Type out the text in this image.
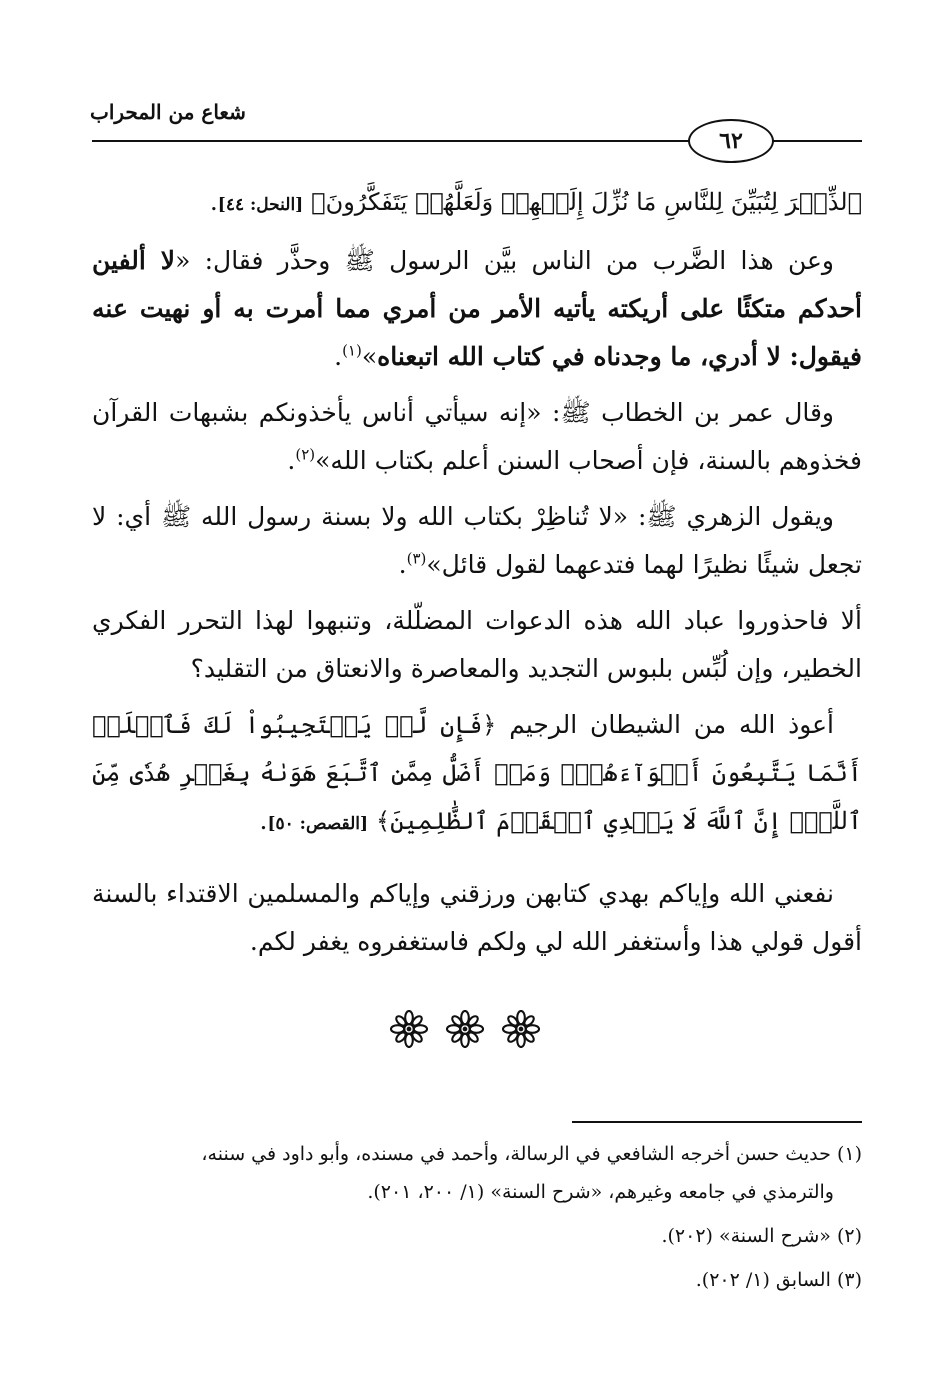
شعاع من المحراب
٦٢

ٱلذِّكۡرَ لِتُبَيِّنَ لِلنَّاسِ مَا نُزِّلَ إِلَيۡهِمۡ وَلَعَلَّهُمۡ يَتَفَكَّرُونَ﴾ [النحل: ٤٤].

وعن هذا الضَّرب من الناس بيَّن الرسول ﷺ وحذَّر فقال: «لا ألفين أحدكم متكئًا على أريكته يأتيه الأمر من أمري مما أمرت به أو نهيت عنه فيقول: لا أدري، ما وجدناه في كتاب الله اتبعناه»$^{(١)}$.

وقال عمر بن الخطاب ﷺ: «إنه سيأتي أناس يأخذونكم بشبهات القرآن فخذوهم بالسنة، فإن أصحاب السنن أعلم بكتاب الله»$^{(٢)}$.

ويقول الزهري ﷺ: «لا تُناظِرْ بكتاب الله ولا بسنة رسول الله ﷺ أي: لا تجعل شيئًا نظيرًا لهما فتدعهما لقول قائل»$^{(٣)}$.

ألا فاحذوروا عباد الله هذه الدعوات المضلّلة، وتنبهوا لهذا التحرر الفكري الخطير، وإن لُبِّس بلبوس التجديد والمعاصرة والانعتاق من التقليد؟

أعوذ الله من الشيطان الرجيم ﴿فَإِن لَّمۡ يَسۡتَجِيبُواْ لَكَ فَٱعۡلَمۡ أَنَّمَا يَتَّبِعُونَ أَهۡوَآءَهُمۡۚ وَمَنۡ أَضَلُّ مِمَّنِ ٱتَّبَعَ هَوَىٰهُ بِغَيۡرِ هُدٗى مِّنَ ٱللَّهِۚ إِنَّ ٱللَّهَ لَا يَهۡدِي ٱلۡقَوۡمَ ٱلظَّٰلِمِينَ﴾ [القصص: ٥٠].

نفعني الله وإياكم بهدي كتابهن ورزقني وإياكم والمسلمين الاقتداء بالسنة أقول قولي هذا وأستغفر الله لي ولكم فاستغفروه يغفر لكم.

(١) حديث حسن أخرجه الشافعي في الرسالة، وأحمد في مسنده، وأبو داود في سننه،
والترمذي في جامعه وغيرهم، «شرح السنة» (١/ ٢٠٠، ٢٠١).

(٢) «شرح السنة» (٢٠٢).

(٣) السابق (١/ ٢٠٢).
